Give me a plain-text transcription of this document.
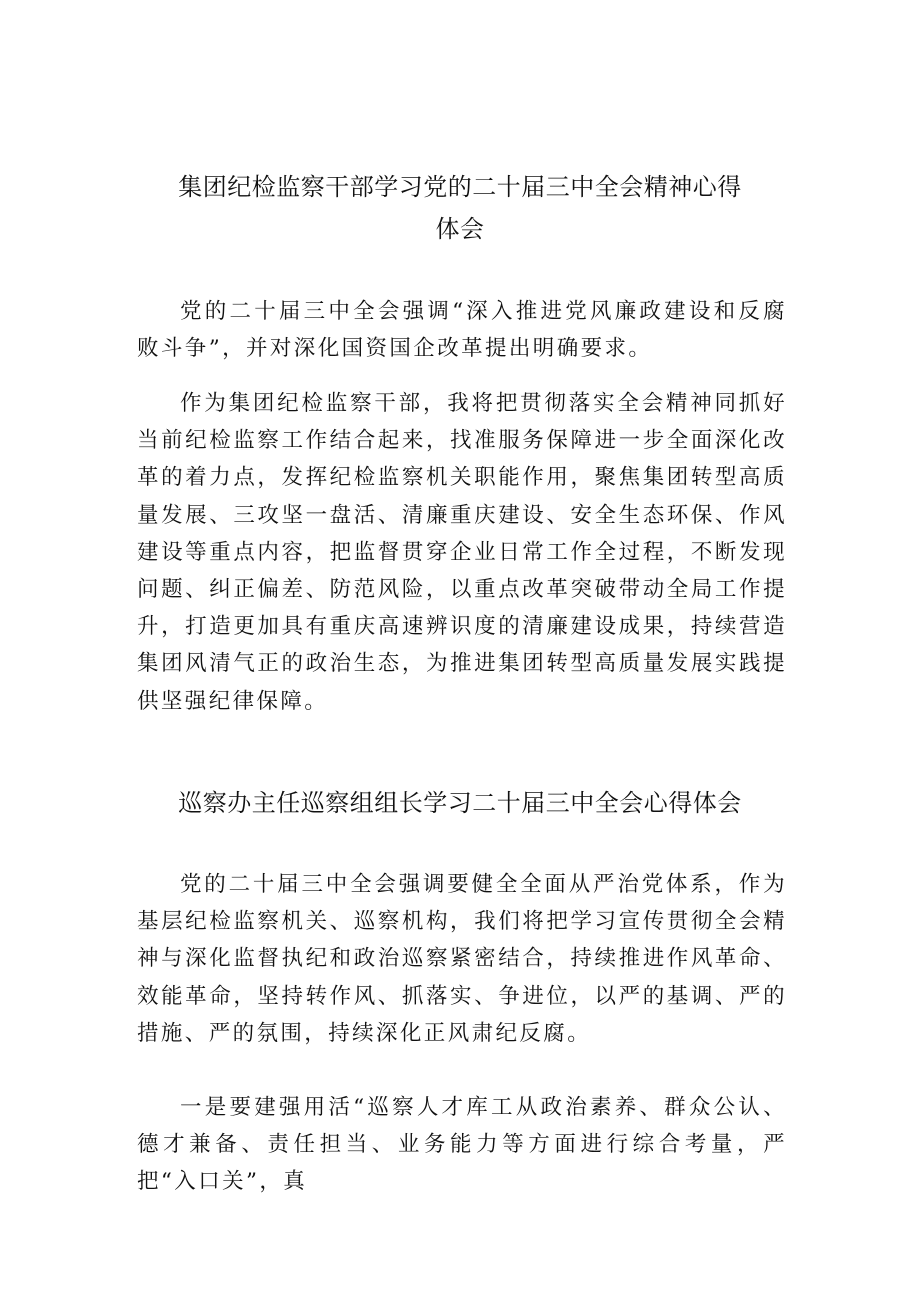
集团纪检监察干部学习党的二十届三中全会精神心得
体会

党的二十届三中全会强调“深入推进党风廉政建设和反腐败斗争”，并对深化国资国企改革提出明确要求。

作为集团纪检监察干部，我将把贯彻落实全会精神同抓好当前纪检监察工作结合起来，找准服务保障进一步全面深化改革的着力点，发挥纪检监察机关职能作用，聚焦集团转型高质量发展、三攻坚一盘活、清廉重庆建设、安全生态环保、作风建设等重点内容，把监督贯穿企业日常工作全过程，不断发现问题、纠正偏差、防范风险，以重点改革突破带动全局工作提升，打造更加具有重庆高速辨识度的清廉建设成果，持续营造集团风清气正的政治生态，为推进集团转型高质量发展实践提供坚强纪律保障。

巡察办主任巡察组组长学习二十届三中全会心得体会

党的二十届三中全会强调要健全全面从严治党体系，作为基层纪检监察机关、巡察机构，我们将把学习宣传贯彻全会精神与深化监督执纪和政治巡察紧密结合，持续推进作风革命、效能革命，坚持转作风、抓落实、争进位，以严的基调、严的措施、严的氛围，持续深化正风肃纪反腐。

一是要建强用活“巡察人才库工从政治素养、群众公认、德才兼备、责任担当、业务能力等方面进行综合考量，严把“入口关”，真
